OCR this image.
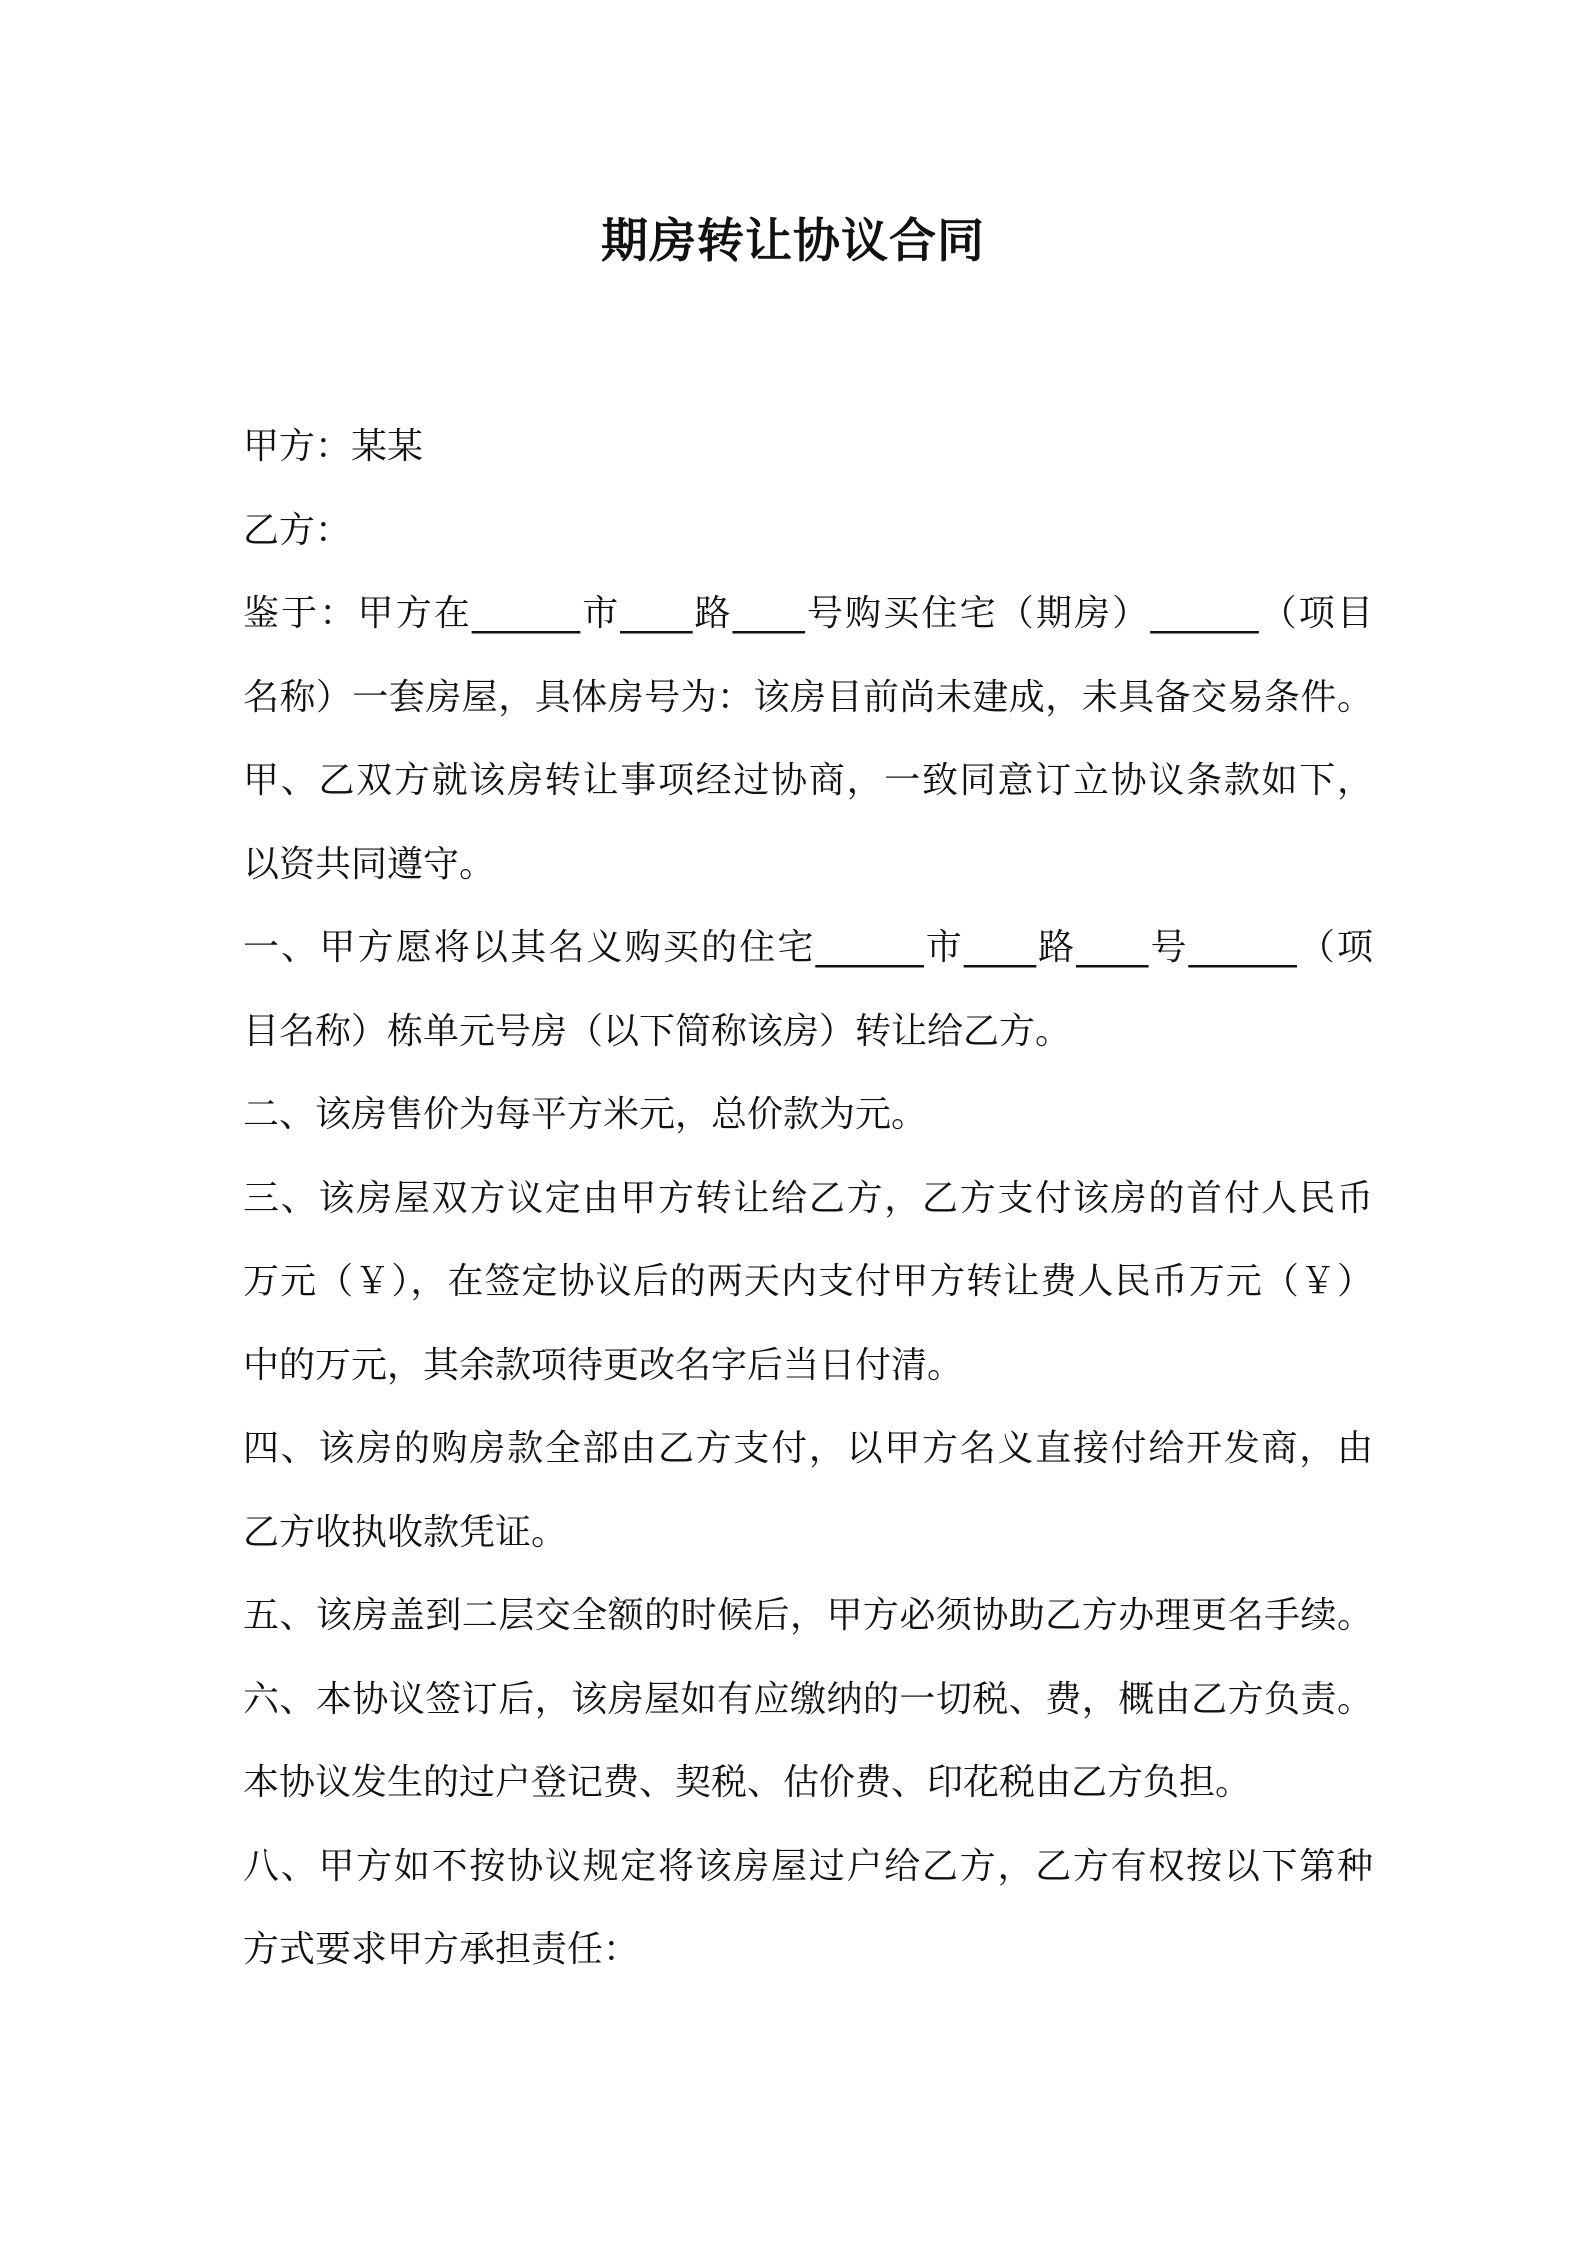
期房转让协议合同
甲方：某某
乙方：
鉴于：甲方在______市____路____号购买住宅（期房）______（项目
名称）一套房屋，具体房号为：该房目前尚未建成，未具备交易条件。
甲、乙双方就该房转让事项经过协商，一致同意订立协议条款如下，
以资共同遵守。
一、甲方愿将以其名义购买的住宅______市____路____号______（项
目名称）栋单元号房（以下简称该房）转让给乙方。
二、该房售价为每平方米元，总价款为元。
三、该房屋双方议定由甲方转让给乙方，乙方支付该房的首付人民币
万元（￥），在签定协议后的两天内支付甲方转让费人民币万元（￥）
中的万元，其余款项待更改名字后当日付清。
四、该房的购房款全部由乙方支付，以甲方名义直接付给开发商，由
乙方收执收款凭证。
五、该房盖到二层交全额的时候后，甲方必须协助乙方办理更名手续。
六、本协议签订后，该房屋如有应缴纳的一切税、费，概由乙方负责。
本协议发生的过户登记费、契税、估价费、印花税由乙方负担。
八、甲方如不按协议规定将该房屋过户给乙方，乙方有权按以下第种
方式要求甲方承担责任：
